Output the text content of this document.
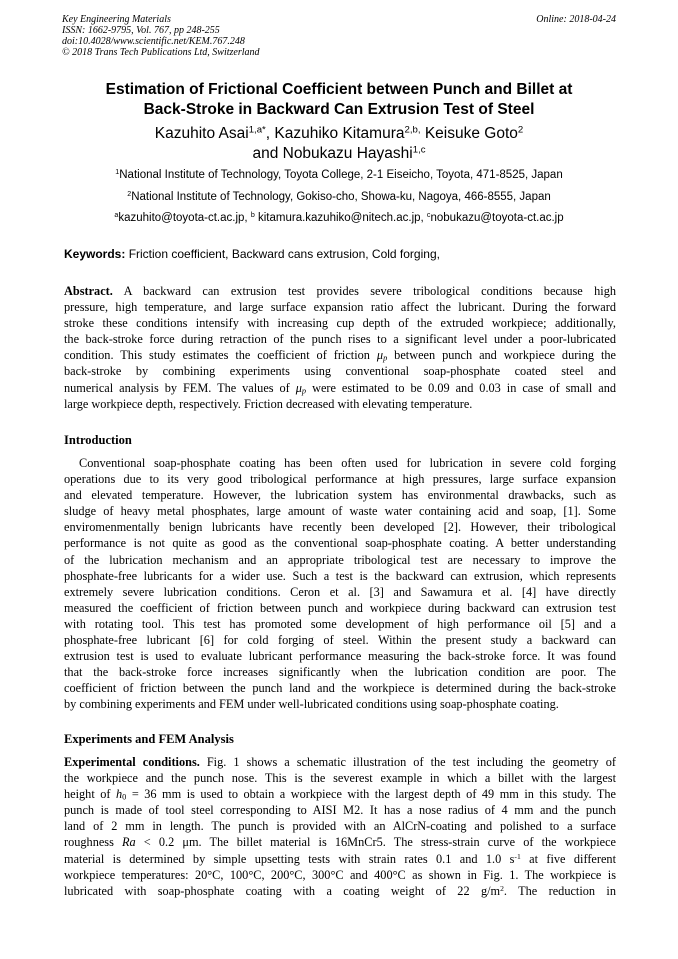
Key Engineering Materials
ISSN: 1662-9795, Vol. 767, pp 248-255
doi:10.4028/www.scientific.net/KEM.767.248
© 2018 Trans Tech Publications Ltd, Switzerland
Online: 2018-04-24
Estimation of Frictional Coefficient between Punch and Billet at
Back-Stroke in Backward Can Extrusion Test of Steel
Kazuhito Asai$^{1,a*}$, Kazuhiko Kitamura$^{2,b,}$ Keisuke Goto$^2$
and Nobukazu Hayashi$^{1,c}$
$^1$National Institute of Technology, Toyota College, 2-1 Eiseicho, Toyota, 471-8525, Japan
$^2$National Institute of Technology, Gokiso-cho, Showa-ku, Nagoya, 466-8555, Japan
$^a$kazuhito@toyota-ct.ac.jp, $^b$ kitamura.kazuhiko@nitech.ac.jp, $^c$nobukazu@toyota-ct.ac.jp
Keywords: Friction coefficient, Backward cans extrusion, Cold forging,
Abstract. A backward can extrusion test provides severe tribological conditions because high
pressure, high temperature, and large surface expansion ratio affect the lubricant. During the forward
stroke these conditions intensify with increasing cup depth of the extruded workpiece; additionally,
the back-stroke force during retraction of the punch rises to a significant level under a poor-lubricated
condition. This study estimates the coefficient of friction $\mu_p$ between punch and workpiece during the
back-stroke by combining experiments using conventional soap-phosphate coated steel and
numerical analysis by FEM. The values of $\mu_p$ were estimated to be 0.09 and 0.03 in case of small and
large workpiece depth, respectively. Friction decreased with elevating temperature.
Introduction
Conventional soap-phosphate coating has been often used for lubrication in severe cold forging
operations due to its very good tribological performance at high pressures, large surface expansion
and elevated temperature. However, the lubrication system has environmental drawbacks, such as
sludge of heavy metal phosphates, large amount of waste water containing acid and soap, [1]. Some
enviromenmentally benign lubricants have recently been developed [2]. However, their tribological
performance is not quite as good as the conventional soap-phosphate coating. A better understanding
of the lubrication mechanism and an appropriate tribological test are necessary to improve the
phosphate-free lubricants for a wider use. Such a test is the backward can extrusion, which represents
extremely severe lubrication conditions. Ceron et al. [3] and Sawamura et al. [4] have directly
measured the coefficient of friction between punch and workpiece during backward can extrusion test
with rotating tool. This test has promoted some development of high performance oil [5] and a
phosphate-free lubricant [6] for cold forging of steel. Within the present study a backward can
extrusion test is used to evaluate lubricant performance measuring the back-stroke force. It was found
that the back-stroke force increases significantly when the lubrication condition are poor. The
coefficient of friction between the punch land and the workpiece is determined during the back-stroke
by combining experiments and FEM under well-lubricated conditions using soap-phosphate coating.
Experiments and FEM Analysis
Experimental conditions. Fig. 1 shows a schematic illustration of the test including the geometry of
the workpiece and the punch nose. This is the severest example in which a billet with the largest
height of $h_0 = 36$ mm is used to obtain a workpiece with the largest depth of 49 mm in this study. The
punch is made of tool steel corresponding to AISI M2. It has a nose radius of 4 mm and the punch
land of 2 mm in length. The punch is provided with an AlCrN-coating and polished to a surface
roughness Ra < 0.2 μm. The billet material is 16MnCr5. The stress-strain curve of the workpiece
material is determined by simple upsetting tests with strain rates 0.1 and 1.0 $s^{-1}$ at five different
workpiece temperatures: 20°C, 100°C, 200°C, 300°C and 400°C as shown in Fig. 1. The workpiece is
lubricated with soap-phosphate coating with a coating weight of 22 $g/m^2$. The reduction in
